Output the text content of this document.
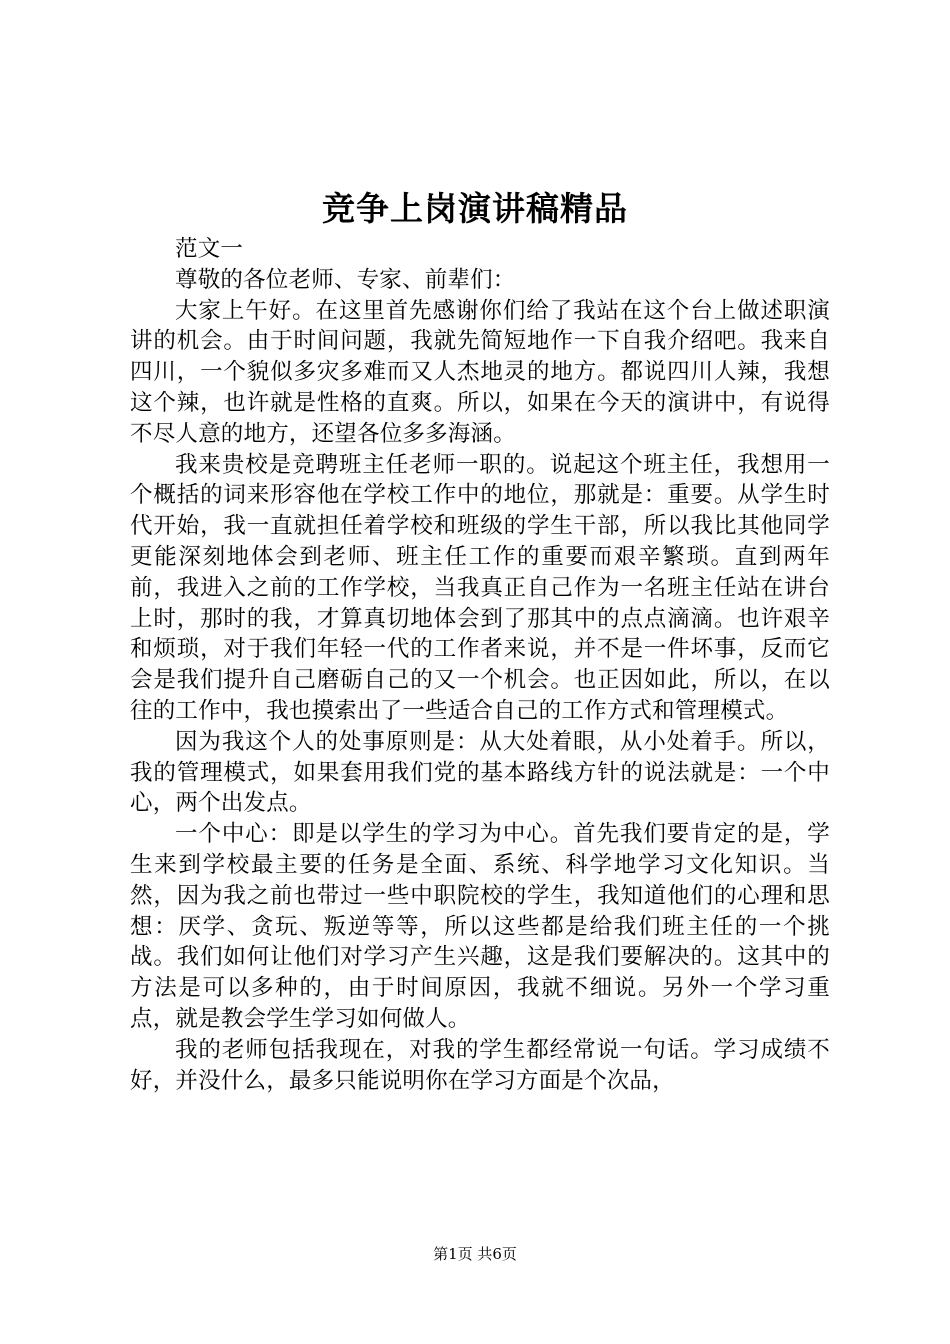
竞争上岗演讲稿精品

范文一

尊敬的各位老师、专家、前辈们：

大家上午好。在这里首先感谢你们给了我站在这个台上做述职演讲的机会。由于时间问题，我就先简短地作一下自我介绍吧。我来自四川，一个貌似多灾多难而又人杰地灵的地方。都说四川人辣，我想这个辣，也许就是性格的直爽。所以，如果在今天的演讲中，有说得不尽人意的地方，还望各位多多海涵。

我来贵校是竞聘班主任老师一职的。说起这个班主任，我想用一个概括的词来形容他在学校工作中的地位，那就是：重要。从学生时代开始，我一直就担任着学校和班级的学生干部，所以我比其他同学更能深刻地体会到老师、班主任工作的重要而艰辛繁琐。直到两年前，我进入之前的工作学校，当我真正自己作为一名班主任站在讲台上时，那时的我，才算真切地体会到了那其中的点点滴滴。也许艰辛和烦琐，对于我们年轻一代的工作者来说，并不是一件坏事，反而它会是我们提升自己磨砺自己的又一个机会。也正因如此，所以，在以往的工作中，我也摸索出了一些适合自己的工作方式和管理模式。

因为我这个人的处事原则是：从大处着眼，从小处着手。所以，我的管理模式，如果套用我们党的基本路线方针的说法就是：一个中心，两个出发点。

一个中心：即是以学生的学习为中心。首先我们要肯定的是，学生来到学校最主要的任务是全面、系统、科学地学习文化知识。当然，因为我之前也带过一些中职院校的学生，我知道他们的心理和思想：厌学、贪玩、叛逆等等，所以这些都是给我们班主任的一个挑战。我们如何让他们对学习产生兴趣，这是我们要解决的。这其中的方法是可以多种的，由于时间原因，我就不细说。另外一个学习重点，就是教会学生学习如何做人。

我的老师包括我现在，对我的学生都经常说一句话。学习成绩不好，并没什么，最多只能说明你在学习方面是个次品，

第1页 共6页
